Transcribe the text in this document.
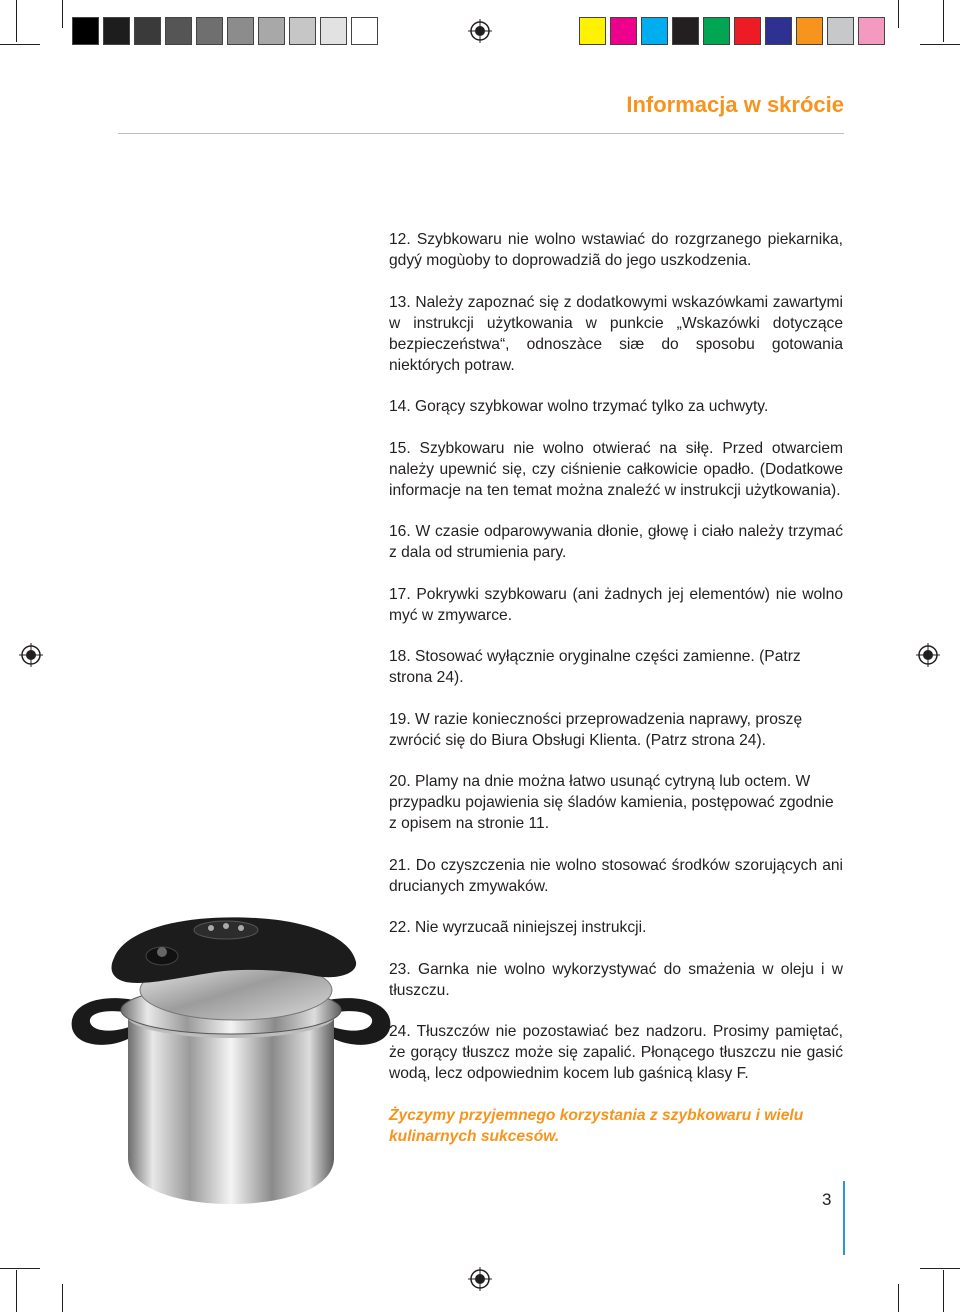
Informacja w skrócie
12. Szybkowaru nie wolno wstawiać do rozgrzanego piekarnika, gdyý mogùoby to doprowadziã do jego uszkodzenia.
13. Należy zapoznać się z dodatkowymi wskazówkami zawartymi w instrukcji użytkowania w punkcie „Wskazówki dotyczące bezpieczeństwa“, odnoszàce siæ do sposobu gotowania niektórych potraw.
14. Gorący szybkowar wolno trzymać tylko za uchwyty.
15. Szybkowaru nie wolno otwierać na siłę. Przed otwarciem należy upewnić się, czy ciśnienie całkowicie opadło. (Dodatkowe informacje na ten temat można znaleźć w instrukcji użytkowania).
16. W czasie odparowywania dłonie, głowę i ciało należy trzymać z dala od strumienia pary.
17. Pokrywki szybkowaru (ani żadnych jej elementów) nie wolno myć w zmywarce.
18. Stosować wyłącznie oryginalne części zamienne. (Patrz strona 24).
19. W razie konieczności przeprowadzenia naprawy, proszę zwrócić się do Biura Obsługi Klienta. (Patrz strona 24).
20. Plamy na dnie można łatwo usunąć cytryną lub octem. W przypadku pojawienia się śladów kamienia, postępować zgodnie z opisem na stronie 11.
21. Do czyszczenia nie wolno stosować środków szorujących ani drucianych zmywaków.
22. Nie wyrzucaã niniejszej instrukcji.
23. Garnka nie wolno wykorzystywać do smażenia w oleju i w tłuszczu.
24. Tłuszczów nie pozostawiać bez nadzoru. Prosimy pamiętać, że gorący tłuszcz może się zapalić. Płonącego tłuszczu nie gasić wodą, lecz odpowiednim kocem lub gaśnicą klasy F.
Życzymy przyjemnego korzystania z szybkowaru i wielu kulinarnych sukcesów.
3
